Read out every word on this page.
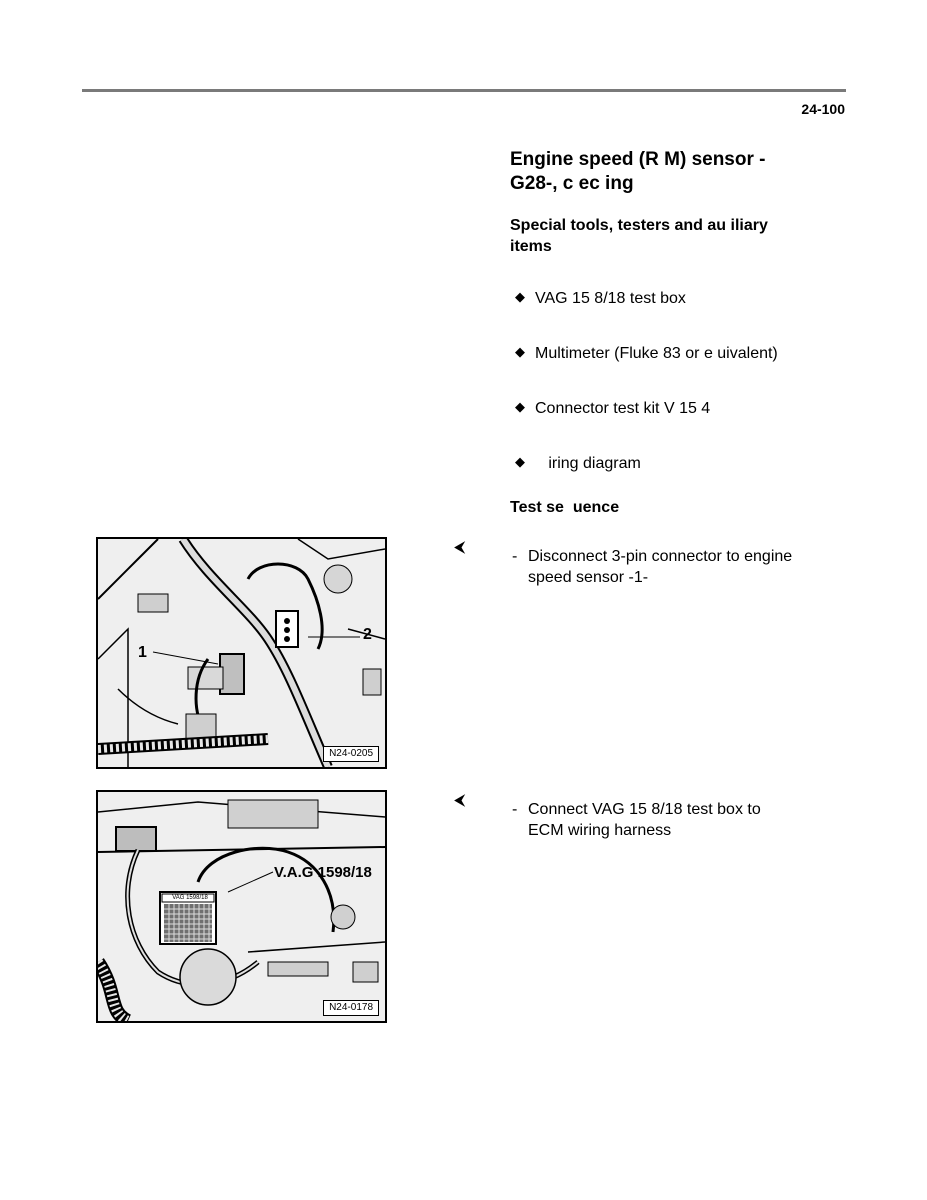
24-100
Engine speed (R M) sensor -
G28-, c ec ing
Special tools, testers and au iliary
items
◆ VAG 15 8/18 test box
◆ Multimeter (Fluke 83 or e uivalent)
◆ Connector test kit V 15 4
◆   iring diagram
Test se  uence
1
2
N24-0205
⮜
- Disconnect 3-pin connector to engine
speed sensor -1-
V.A.G 1598/18
VAG 1598/18
N24-0178
⮜
- Connect VAG 15 8/18 test box to
ECM wiring harness
